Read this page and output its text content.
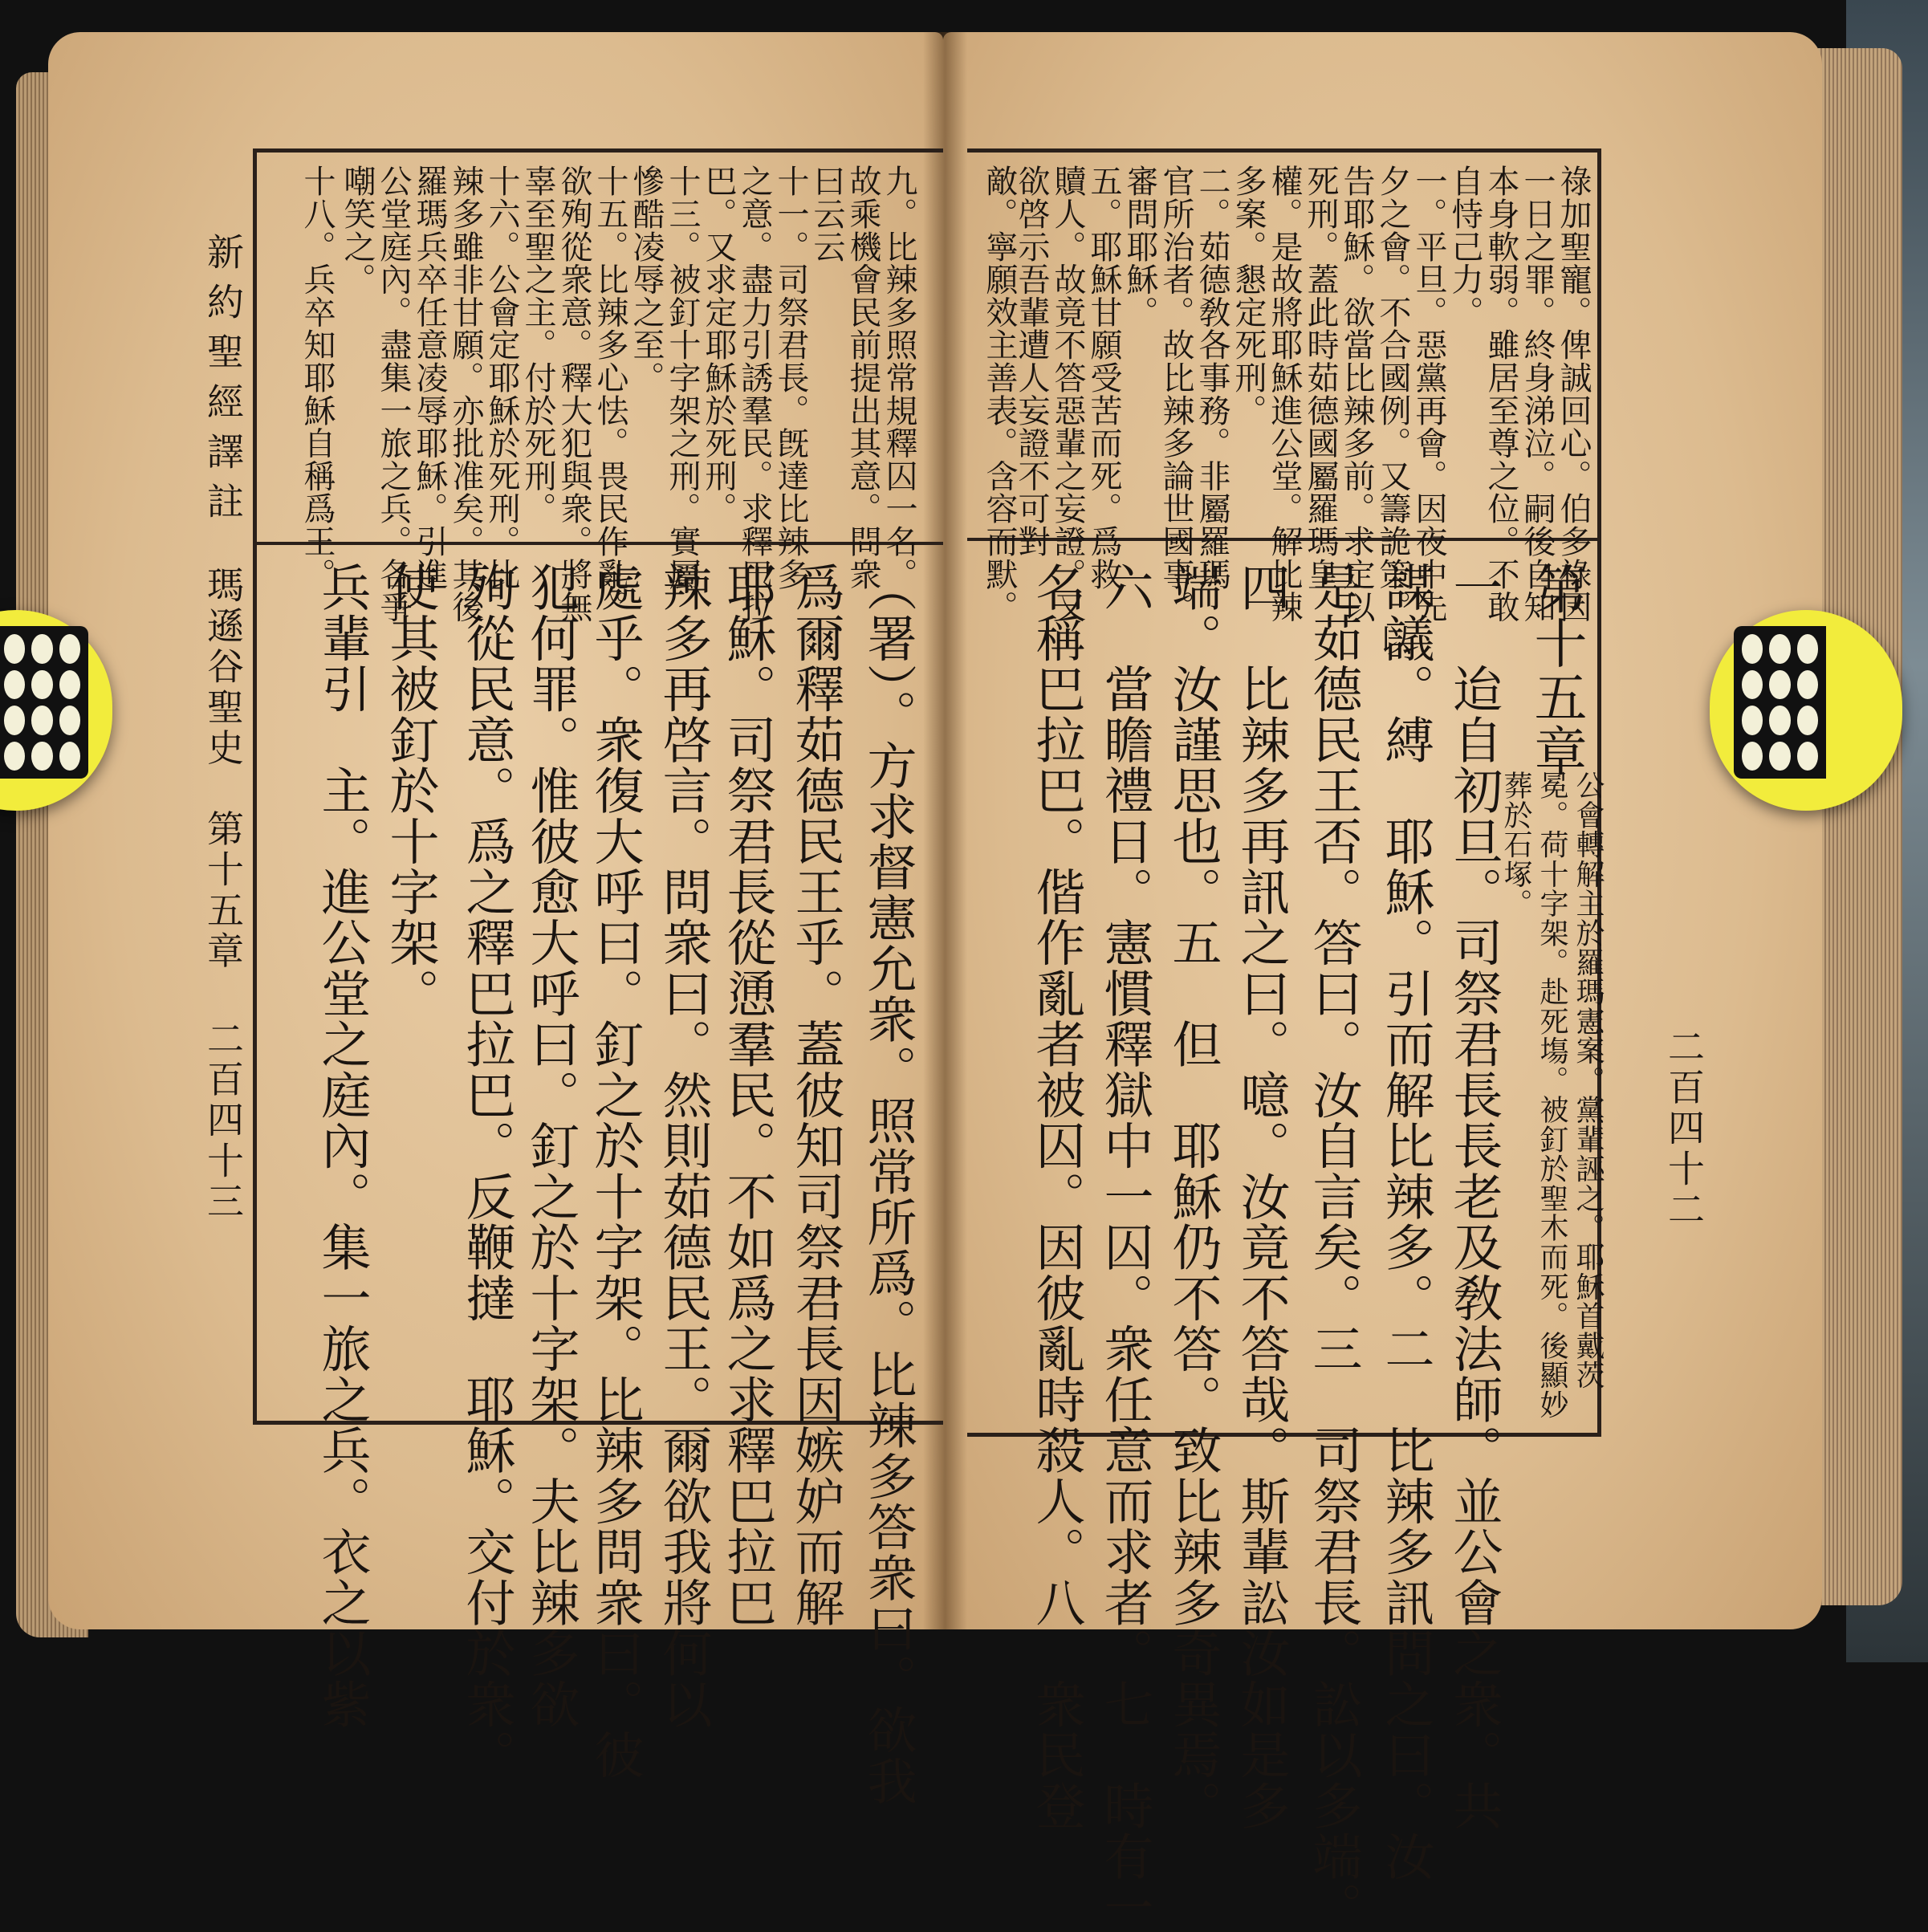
新約聖經譯註
瑪遜谷聖史　第十五章
二百四十三
九。比辣多照常規釋囚一名。
故乘機會民前提出其意。問衆
曰云云
十一。司祭君長。旣達比辣多
之意。盡力引誘羣民。求釋巴拉
巴。又求定耶穌於死刑。
十三。被釘十字架之刑。實屬
慘酷凌辱之至。
十五。比辣多心怯。畏民作亂。
欲殉從衆意。釋大犯與衆。將無
辜至聖之主。付於死刑。
十六。公會定耶穌於死刑。比
辣多雖非甘願。亦批准矣。其後
羅瑪兵卒任意凌辱耶穌。引進
公堂庭內。盡集一旅之兵。各爭
嘲笑之。
十八。兵卒知耶穌自稱爲王。
（署）。方求督憲允衆。照常所爲。比辣多答衆曰。欲我
爲爾釋茹德民王乎。蓋彼知司祭君長因嫉妒而解
耶穌。司祭君長從慂羣民。不如爲之求釋巴拉巴
辣多再啓言。問衆曰。然則茹德民王。爾欲我將何以
處乎。衆復大呼曰。釘之於十字架。比辣多問衆曰。彼
犯何罪。惟彼愈大呼曰。釘之於十字架。夫比辣多欲
殉從民意。爲之釋巴拉巴。反鞭撻　耶穌。交付於衆。
使其被釘於十字架。
兵輩引　主。進公堂之庭內。集一旅之兵。衣之以紫	二百四十二
祿加聖寵。俾誠回心。伯多祿因
一日之罪。終身涕泣。嗣後自知
本身軟弱。雖居至尊之位。不敢
自恃己力。
一。平旦。惡黨再會。因夜中先
夕之會。不合國例。又籌詭策。以
告耶穌。欲當比辣多前。求定以
死刑。蓋此時茹德國屬羅瑪皇
權。是故將耶穌進公堂。解比辣
多案。懇定死刑。
二。茹德敎各事務。非屬羅瑪
官所治者。故比辣多論世國事。
審問耶穌。
五。耶穌甘願受苦而死。爲救
贖人。故竟不答惡輩之妄證。又
欲啓示吾輩遭人妄證不可對
敵。寧願效主善表。含容而默。
第十五章
公會轉解主於羅瑪憲案。黨輩誣之。耶穌首戴茨
冕。荷十字架。赴死塲。被釘於聖木而死。後顯妙
葬於石塚。
一　迨自初旦。司祭君長長老及敎法師。並公會之衆。共
謀議。縛　耶穌。引而解比辣多。二　比辣多訊問之曰。汝
是茹德民王否。答曰。汝自言矣。三　司祭君長。訟以多端。
四　比辣多再訊之曰。噫。汝竟不答哉。斯輩訟汝如是多
端。汝謹思也。五　但　耶穌仍不答。致比辣多奇異焉。
六　當瞻禮日。憲慣釋獄中一囚。衆任意而求者。七　時有一
名稱巴拉巴。偕作亂者被囚。因彼亂時殺人。八　衆民登
